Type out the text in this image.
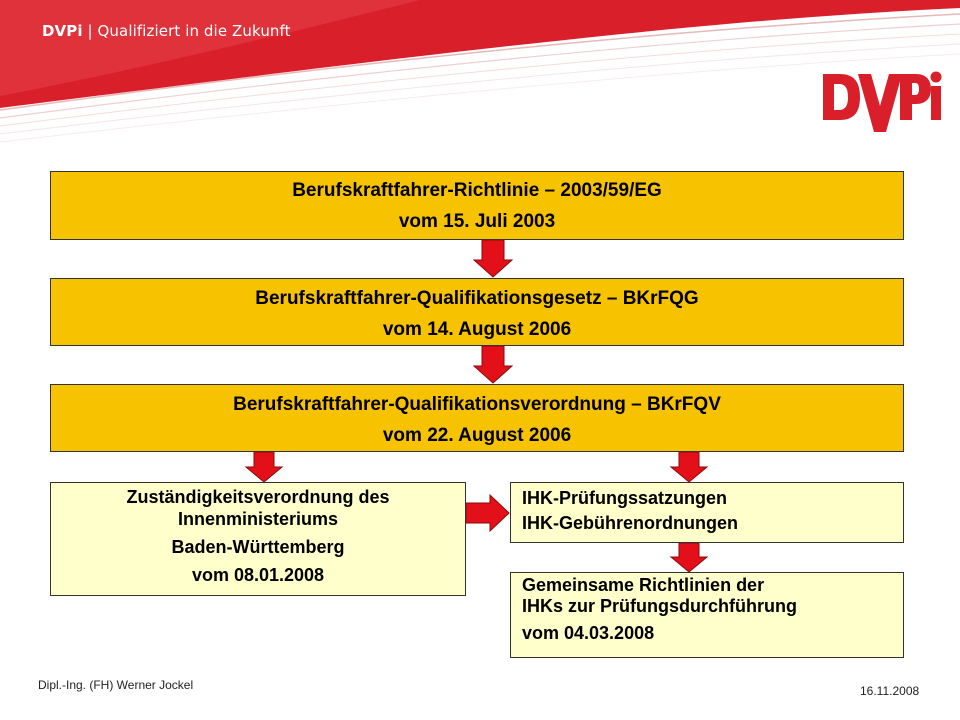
DVPi | Qualifiziert in die Zukunft
Berufskraftfahrer-Richtlinie – 2003/59/EG
vom 15. Juli 2003
Berufskraftfahrer-Qualifikationsgesetz – BKrFQG
vom 14. August 2006
Berufskraftfahrer-Qualifikationsverordnung – BKrFQV
vom 22. August 2006
Zuständigkeitsverordnung des
Innenministeriums
Baden-Württemberg
vom 08.01.2008
IHK-Prüfungssatzungen
IHK-Gebührenordnungen
Gemeinsame Richtlinien der
IHKs zur Prüfungsdurchführung
vom 04.03.2008
Dipl.-Ing. (FH) Werner Jockel	16.11.2008
